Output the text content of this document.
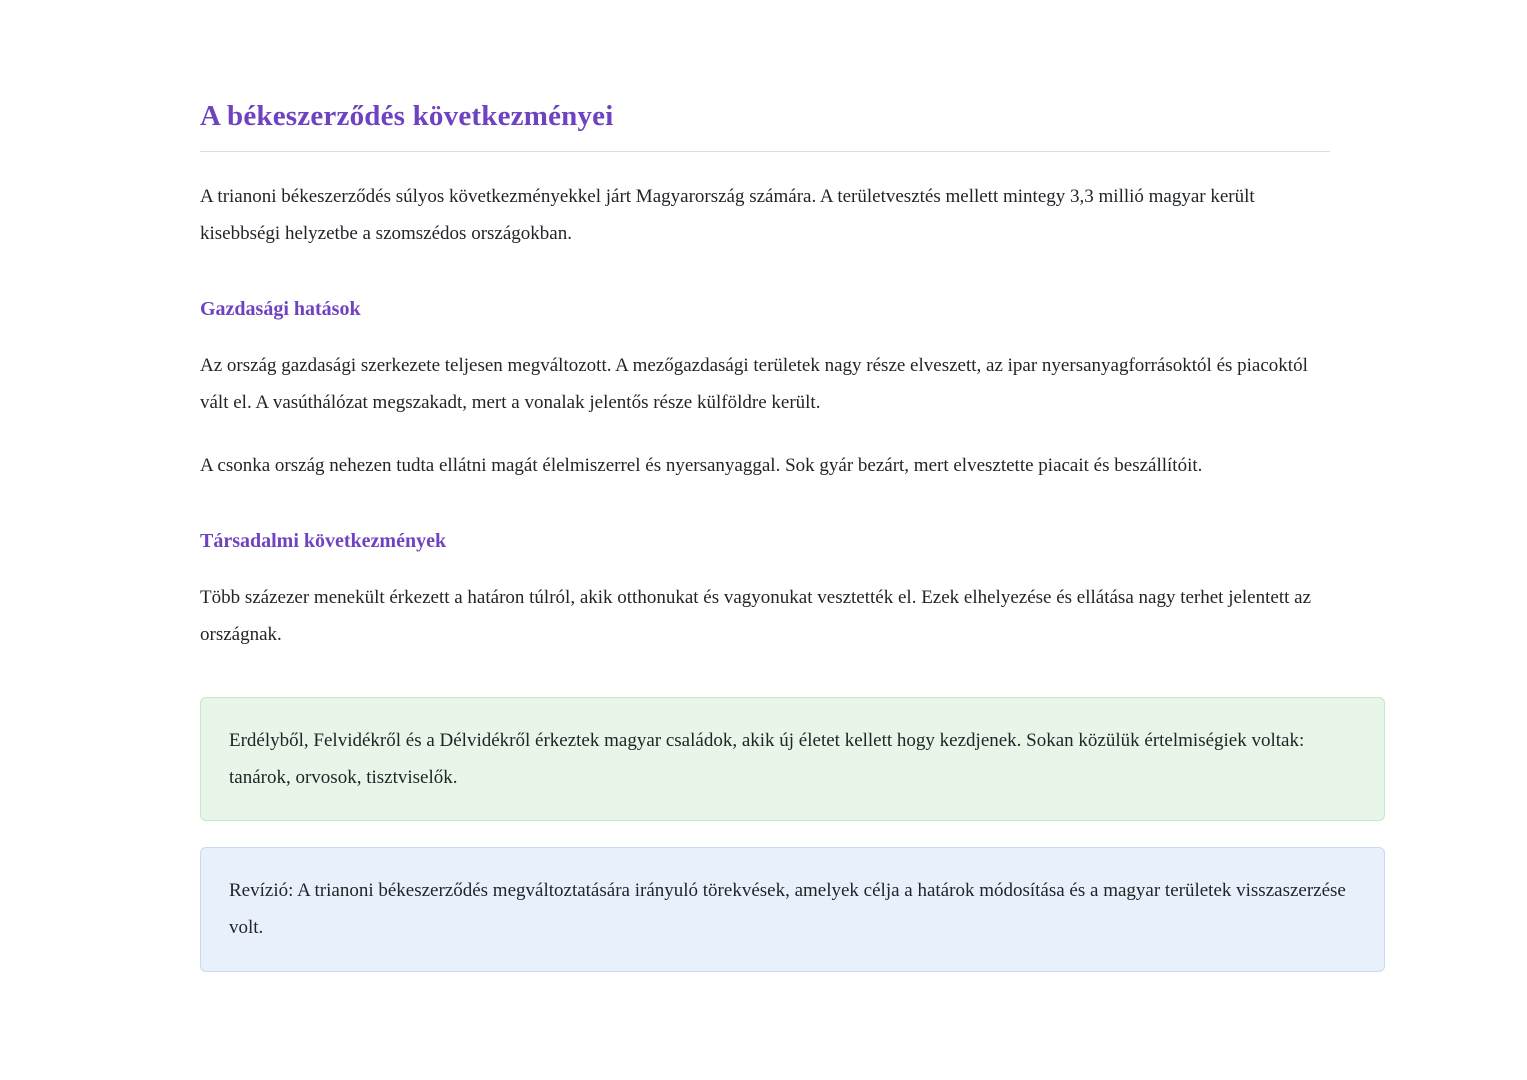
A békeszerződés következményei

A trianoni békeszerződés súlyos következményekkel járt Magyarország számára. A területvesztés mellett mintegy 3,3 millió magyar került kisebbségi helyzetbe a szomszédos országokban.

Gazdasági hatások

Az ország gazdasági szerkezete teljesen megváltozott. A mezőgazdasági területek nagy része elveszett, az ipar nyersanyagforrásoktól és piacoktól vált el. A vasúthálózat megszakadt, mert a vonalak jelentős része külföldre került.

A csonka ország nehezen tudta ellátni magát élelmiszerrel és nyersanyaggal. Sok gyár bezárt, mert elvesztette piacait és beszállítóit.

Társadalmi következmények

Több százezer menekült érkezett a határon túlról, akik otthonukat és vagyonukat vesztették el. Ezek elhelyezése és ellátása nagy terhet jelentett az országnak.

Erdélyből, Felvidékről és a Délvidékről érkeztek magyar családok, akik új életet kellett hogy kezdjenek. Sokan közülük értelmiségiek voltak: tanárok, orvosok, tisztviselők.

Revízió: A trianoni békeszerződés megváltoztatására irányuló törekvések, amelyek célja a határok módosítása és a magyar területek visszaszerzése volt.
